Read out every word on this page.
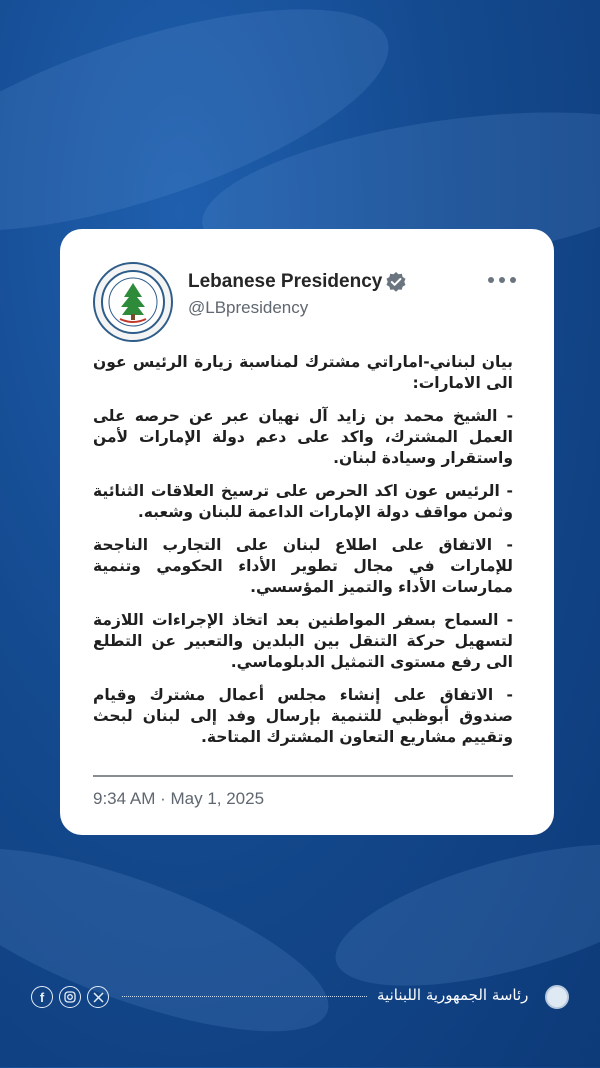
Lebanese Presidency
@LBpresidency

بيان لبناني-اماراتي مشترك لمناسبة زيارة الرئيس عون الى الامارات:

- الشيخ محمد بن زايد آل نهيان عبر عن حرصه على العمل المشترك، واكد على دعم دولة الإمارات لأمن واستقرار وسيادة لبنان.

- الرئيس عون اكد الحرص على ترسيخ العلاقات الثنائية وثمن مواقف دولة الإمارات الداعمة للبنان وشعبه.

- الاتفاق على اطلاع لبنان على التجارب الناجحة للإمارات في مجال تطوير الأداء الحكومي وتنمية ممارسات الأداء والتميز المؤسسي.

- السماح بسفر المواطنين بعد اتخاذ الإجراءات اللازمة لتسهيل حركة التنقل بين البلدين والتعبير عن التطلع الى رفع مستوى التمثيل الدبلوماسي.

- الاتفاق على إنشاء مجلس أعمال مشترك وقيام صندوق أبوظبي للتنمية بإرسال وفد إلى لبنان لبحث وتقييم مشاريع التعاون المشترك المتاحة.

9:34 AM · May 1, 2025
f	رئاسة الجمهورية اللبنانية
